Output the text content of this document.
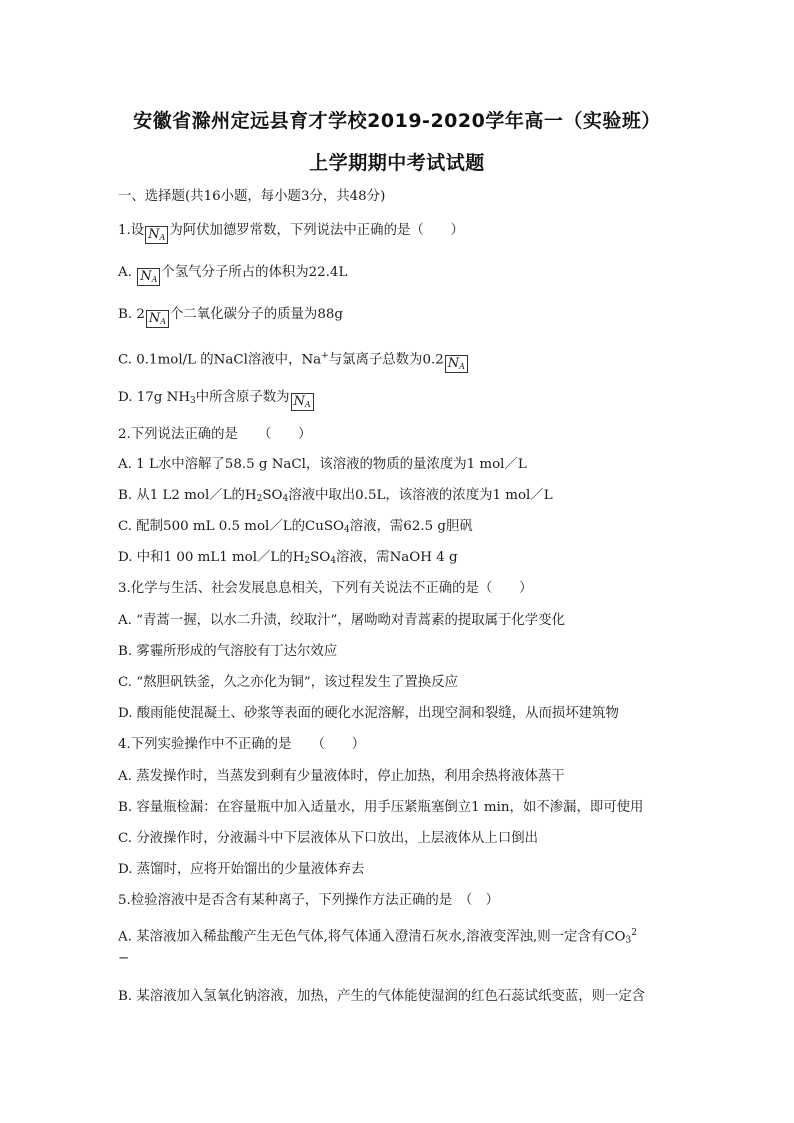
安徽省滁州定远县育才学校2019-2020学年高一（实验班）
上学期期中考试试题
一、选择题(共16小题，每小题3分，共48分)
1.设 $N_A$ 为阿伏加德罗常数，下列说法中正确的是（　　）
A. $N_A$ 个氢气分子所占的体积为22.4L
B. 2 $N_A$ 个二氧化碳分子的质量为88g
C. 0.1mol/L 的NaCl溶液中，Na+与氯离子总数为0.2 $N_A$
D. 17g $NH_3$中所含原子数为 $N_A$
2.下列说法正确的是　　（　　）
A. 1 L水中溶解了58.5 g NaCl，该溶液的物质的量浓度为1 mol／L
B. 从1 L2 mol／L的$H_2SO_4$溶液中取出0.5L，该溶液的浓度为1 mol／L
C. 配制500 mL 0.5 mol／L的CuSO$_4$溶液，需62.5 g胆矾
D. 中和1 00 mL1 mol／L的$H_2SO_4$溶液，需NaOH 4 g
3.化学与生活、社会发展息息相关，下列有关说法不正确的是（　　）
A. “青蒿一握，以水二升渍，绞取汁”，屠呦呦对青蒿素的提取属于化学变化
B. 雾霾所形成的气溶胶有丁达尔效应
C. “熬胆矾铁釜，久之亦化为铜”，该过程发生了置换反应
D. 酸雨能使混凝土、砂浆等表面的硬化水泥溶解，出现空洞和裂缝，从而损坏建筑物
4.下列实验操作中不正确的是　　（　　）
A. 蒸发操作时，当蒸发到剩有少量液体时，停止加热，利用余热将液体蒸干
B. 容量瓶检漏：在容量瓶中加入适量水，用手压紧瓶塞倒立1 min，如不渗漏，即可使用
C. 分液操作时，分液漏斗中下层液体从下口放出，上层液体从上口倒出
D. 蒸馏时，应将开始馏出的少量液体弃去
5.检验溶液中是否含有某种离子，下列操作方法正确的是　（　）
A. 某溶液加入稀盐酸产生无色气体,将气体通入澄清石灰水,溶液变浑浊,则一定含有$CO_3^2$
−
B. 某溶液加入氢氧化钠溶液，加热，产生的气体能使湿润的红色石蕊试纸变蓝，则一定含
